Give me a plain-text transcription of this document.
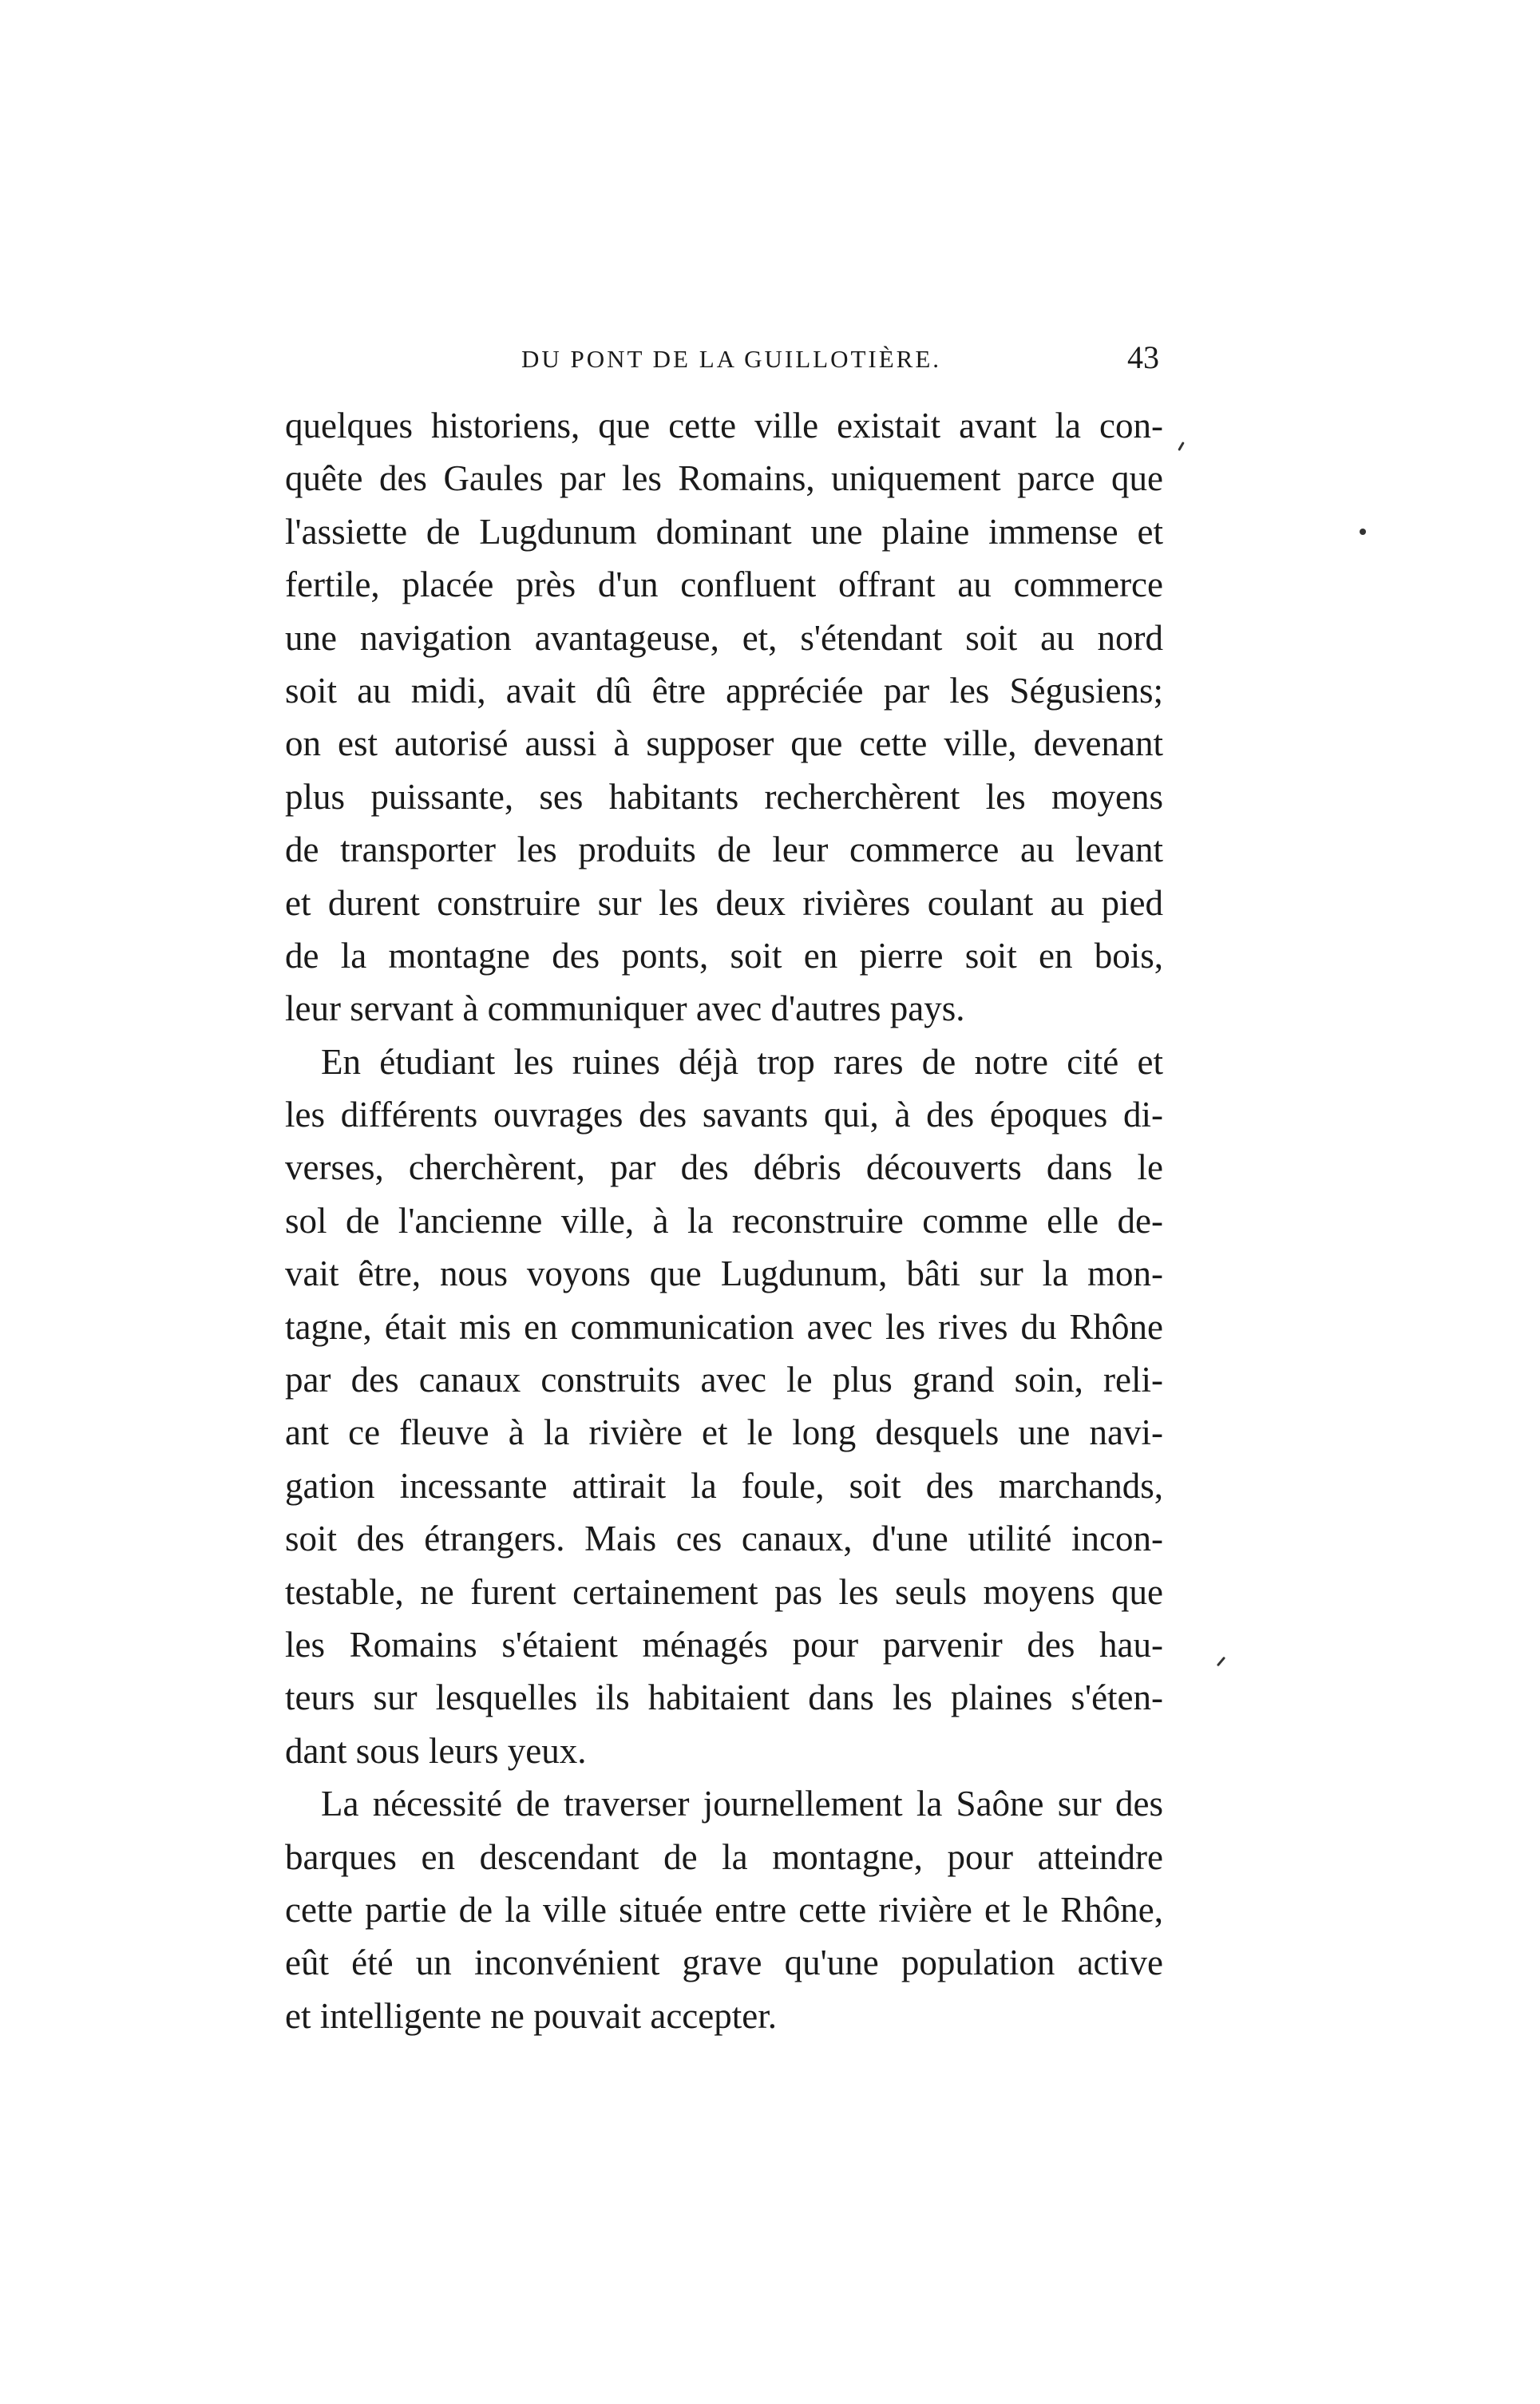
DU PONT DE LA GUILLOTIÈRE.	43
quelques historiens, que cette ville existait avant la con-
quête des Gaules par les Romains, uniquement parce que
l'assiette de Lugdunum dominant une plaine immense et
fertile, placée près d'un confluent offrant au commerce
une navigation avantageuse, et, s'étendant soit au nord
soit au midi, avait dû être appréciée par les Ségusiens;
on est autorisé aussi à supposer que cette ville, devenant
plus puissante, ses habitants recherchèrent les moyens
de transporter les produits de leur commerce au levant
et durent construire sur les deux rivières coulant au pied
de la montagne des ponts, soit en pierre soit en bois,
leur servant à communiquer avec d'autres pays.
En étudiant les ruines déjà trop rares de notre cité et
les différents ouvrages des savants qui, à des époques di-
verses, cherchèrent, par des débris découverts dans le
sol de l'ancienne ville, à la reconstruire comme elle de-
vait être, nous voyons que Lugdunum, bâti sur la mon-
tagne, était mis en communication avec les rives du Rhône
par des canaux construits avec le plus grand soin, reli-
ant ce fleuve à la rivière et le long desquels une navi-
gation incessante attirait la foule, soit des marchands,
soit des étrangers. Mais ces canaux, d'une utilité incon-
testable, ne furent certainement pas les seuls moyens que
les Romains s'étaient ménagés pour parvenir des hau-
teurs sur lesquelles ils habitaient dans les plaines s'éten-
dant sous leurs yeux.
La nécessité de traverser journellement la Saône sur des
barques en descendant de la montagne, pour atteindre
cette partie de la ville située entre cette rivière et le Rhône,
eût été un inconvénient grave qu'une population active
et intelligente ne pouvait accepter.
